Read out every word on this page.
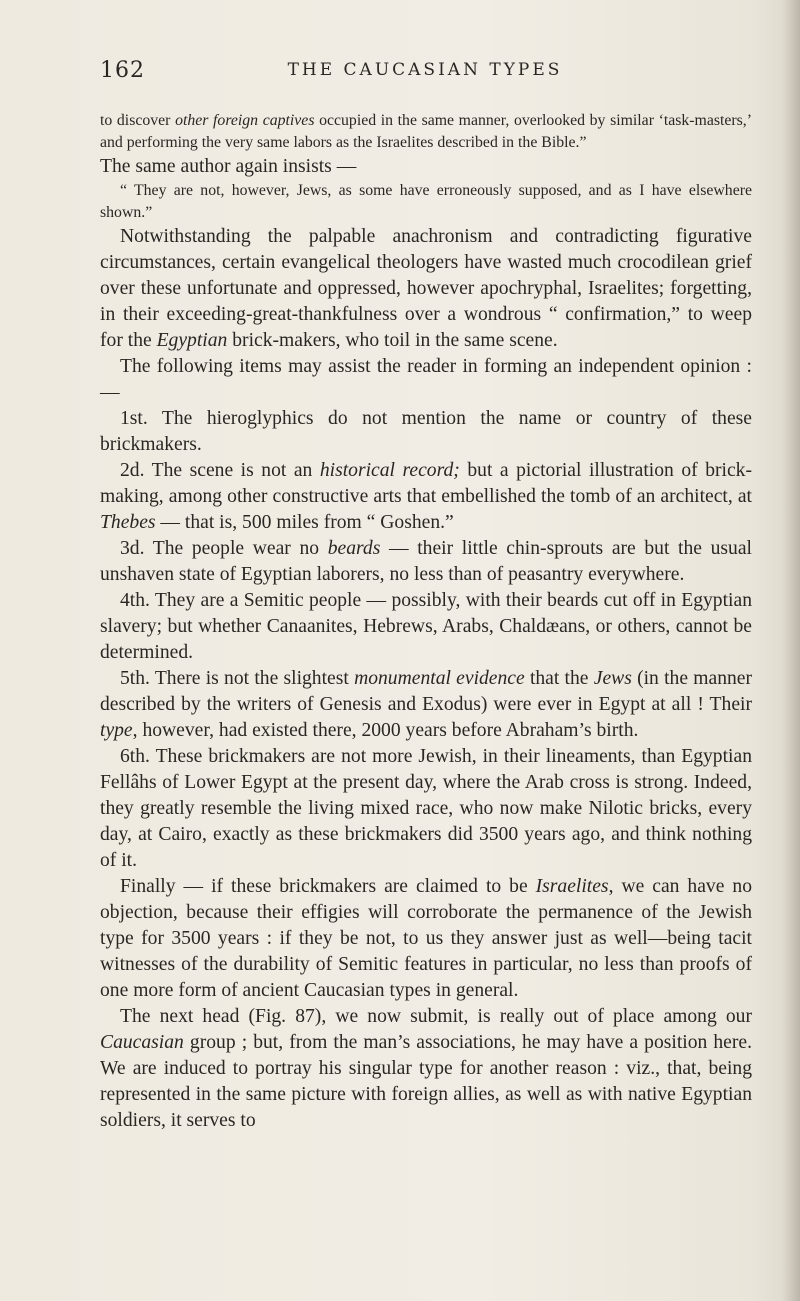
162	THE CAUCASIAN TYPES

to discover other foreign captives occupied in the same manner, overlooked by similar ‘task-masters,’ and performing the very same labors as the Israelites described in the Bible.”

The same author again insists —

“ They are not, however, Jews, as some have erroneously supposed, and as I have elsewhere shown.”

Notwithstanding the palpable anachronism and contradicting figurative circumstances, certain evangelical theologers have wasted much crocodilean grief over these unfortunate and oppressed, however apochryphal, Israelites; forgetting, in their exceeding-great-thankfulness over a wondrous “ confirmation,” to weep for the Egyptian brick-makers, who toil in the same scene.

The following items may assist the reader in forming an independent opinion : —

1st. The hieroglyphics do not mention the name or country of these brickmakers.

2d. The scene is not an historical record; but a pictorial illustration of brick-making, among other constructive arts that embellished the tomb of an architect, at Thebes — that is, 500 miles from “ Goshen.”

3d. The people wear no beards — their little chin-sprouts are but the usual unshaven state of Egyptian laborers, no less than of peasantry everywhere.

4th. They are a Semitic people — possibly, with their beards cut off in Egyptian slavery; but whether Canaanites, Hebrews, Arabs, Chaldæans, or others, cannot be determined.

5th. There is not the slightest monumental evidence that the Jews (in the manner described by the writers of Genesis and Exodus) were ever in Egypt at all ! Their type, however, had existed there, 2000 years before Abraham’s birth.

6th. These brickmakers are not more Jewish, in their lineaments, than Egyptian Fellâhs of Lower Egypt at the present day, where the Arab cross is strong. Indeed, they greatly resemble the living mixed race, who now make Nilotic bricks, every day, at Cairo, exactly as these brickmakers did 3500 years ago, and think nothing of it.

Finally — if these brickmakers are claimed to be Israelites, we can have no objection, because their effigies will corroborate the permanence of the Jewish type for 3500 years : if they be not, to us they answer just as well—being tacit witnesses of the durability of Semitic features in particular, no less than proofs of one more form of ancient Caucasian types in general.

The next head (Fig. 87), we now submit, is really out of place among our Caucasian group ; but, from the man’s associations, he may have a position here. We are induced to portray his singular type for another reason : viz., that, being represented in the same picture with foreign allies, as well as with native Egyptian soldiers, it serves to
